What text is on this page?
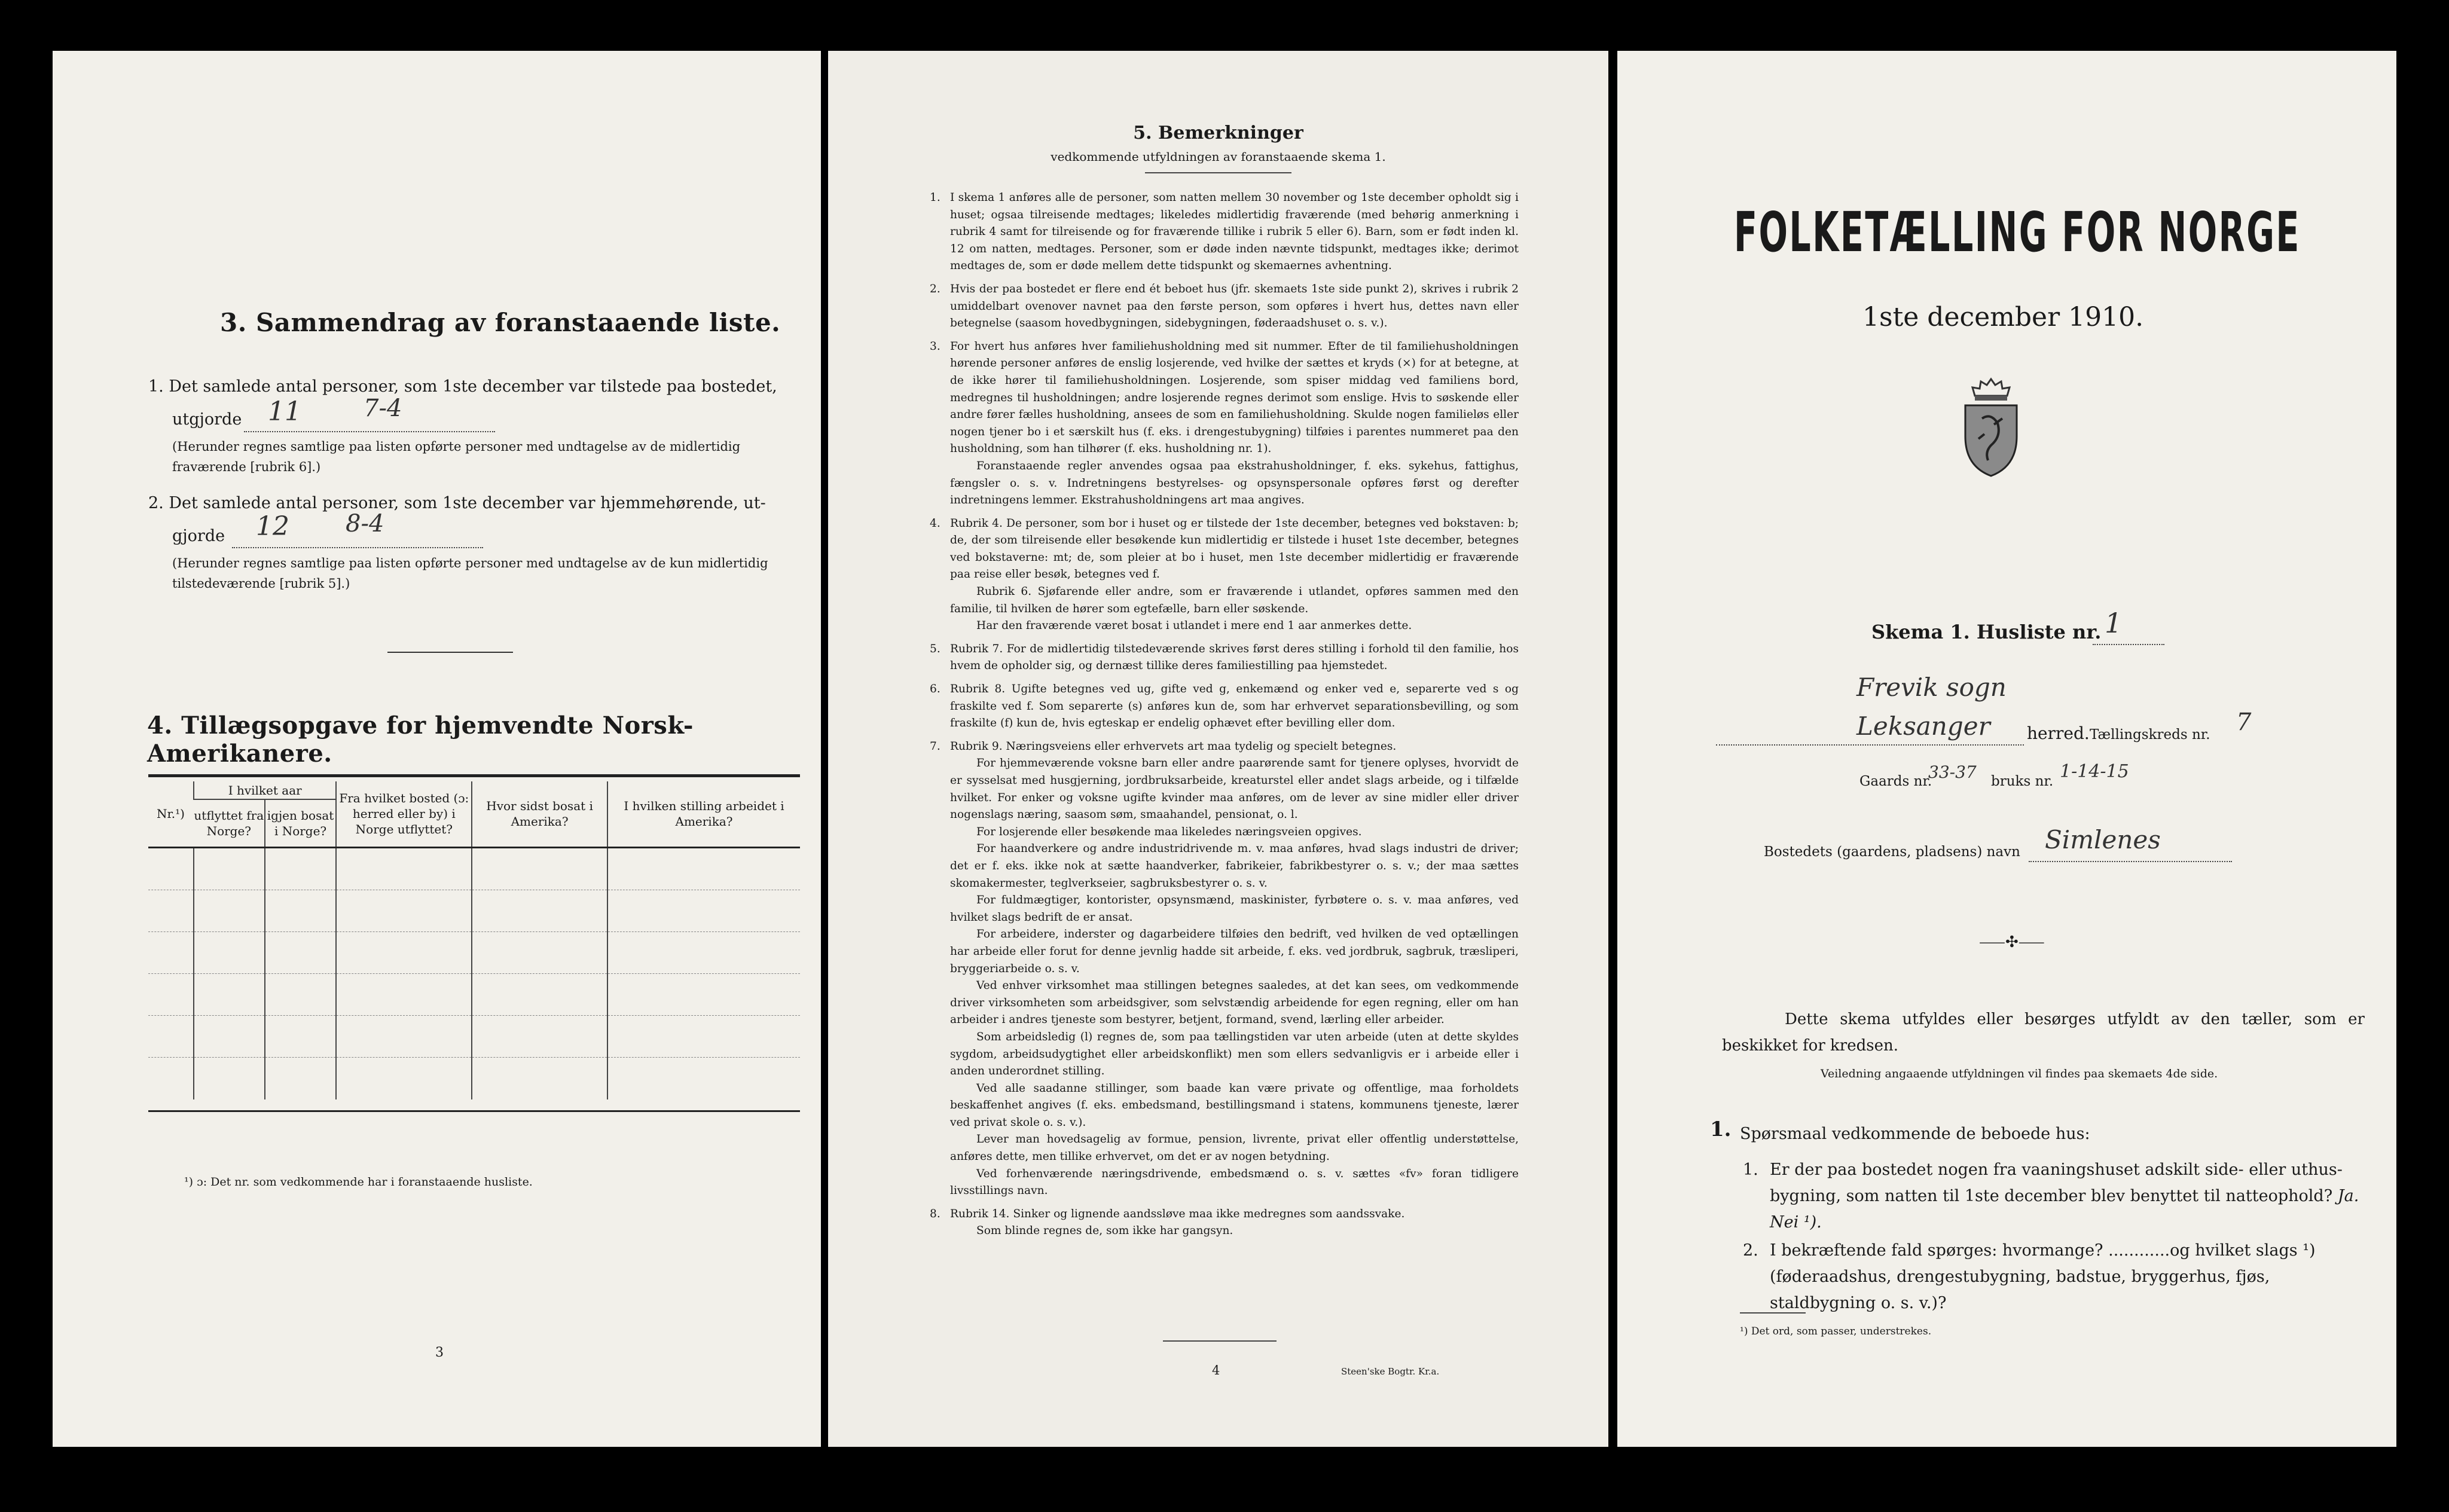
3. Sammendrag av foranstaaende liste.
1. Det samlede antal personer, som 1ste december var tilstede paa bostedet,
utgjorde 11	7-4
(Herunder regnes samtlige paa listen opførte personer med undtagelse av de midlertidig fraværende [rubrik 6].)
2. Det samlede antal personer, som 1ste december var hjemmehørende, ut-
gjorde 12 8-4
(Herunder regnes samtlige paa listen opførte personer med undtagelse av de kun midlertidig tilstedeværende [rubrik 5].)
4. Tillægsopgave for hjemvendte Norsk-Amerikanere.
Nr.¹)	I hvilket aar		Fra hvilket bosted (ɔ: herred eller by) i Norge utflyttet?	Hvor sidst bosat i Amerika?	I hvilken stilling arbeidet i Amerika?
	utflyttet fra Norge?	igjen bosat i Norge?			

¹) ɔ: Det nr. som vedkommende har i foranstaaende husliste.
3
5. Bemerkninger
vedkommende utfyldningen av foranstaaende skema 1.
1. I skema 1 anføres alle de personer, som natten mellem 30 november og 1ste december opholdt sig i huset; ogsaa tilreisende medtages; likeledes midlertidig fraværende (med behørig anmerkning i rubrik 4 samt for tilreisende og for fraværende tillike i rubrik 5 eller 6). Barn, som er født inden kl. 12 om natten, medtages. Personer, som er døde inden nævnte tidspunkt, medtages ikke; derimot medtages de, som er døde mellem dette tidspunkt og skemaernes avhentning.

2. Hvis der paa bostedet er flere end ét beboet hus (jfr. skemaets 1ste side punkt 2), skrives i rubrik 2 umiddelbart ovenover navnet paa den første person, som opføres i hvert hus, dettes navn eller betegnelse (saasom hovedbygningen, sidebygningen, føderaadshuset o. s. v.).

3. For hvert hus anføres hver familiehusholdning med sit nummer. Efter de til familiehusholdningen hørende personer anføres de enslig losjerende, ved hvilke der sættes et kryds (×) for at betegne, at de ikke hører til familiehusholdningen. Losjerende, som spiser middag ved familiens bord, medregnes til husholdningen; andre losjerende regnes derimot som enslige. Hvis to søskende eller andre fører fælles husholdning, ansees de som en familiehusholdning. Skulde nogen familieløs eller nogen tjener bo i et særskilt hus (f. eks. i drengestubygning) tilføies i parentes nummeret paa den husholdning, som han tilhører (f. eks. husholdning nr. 1).

Foranstaaende regler anvendes ogsaa paa ekstrahusholdninger, f. eks. sykehus, fattighus, fængsler o. s. v. Indretningens bestyrelses- og opsynspersonale opføres først og derefter indretningens lemmer. Ekstrahusholdningens art maa angives.

4. Rubrik 4. De personer, som bor i huset og er tilstede der 1ste december, betegnes ved bokstaven: b; de, der som tilreisende eller besøkende kun midlertidig er tilstede i huset 1ste december, betegnes ved bokstaverne: mt; de, som pleier at bo i huset, men 1ste december midlertidig er fraværende paa reise eller besøk, betegnes ved f.

Rubrik 6. Sjøfarende eller andre, som er fraværende i utlandet, opføres sammen med den familie, til hvilken de hører som egtefælle, barn eller søskende.

Har den fraværende været bosat i utlandet i mere end 1 aar anmerkes dette.

5. Rubrik 7. For de midlertidig tilstedeværende skrives først deres stilling i forhold til den familie, hos hvem de opholder sig, og dernæst tillike deres familiestilling paa hjemstedet.

6. Rubrik 8. Ugifte betegnes ved ug, gifte ved g, enkemænd og enker ved e, separerte ved s og fraskilte ved f. Som separerte (s) anføres kun de, som har erhvervet separationsbevilling, og som fraskilte (f) kun de, hvis egteskap er endelig ophævet efter bevilling eller dom.

7. Rubrik 9. Næringsveiens eller erhvervets art maa tydelig og specielt betegnes.

For hjemmeværende voksne barn eller andre paarørende samt for tjenere oplyses, hvorvidt de er sysselsat med husgjerning, jordbruksarbeide, kreaturstel eller andet slags arbeide, og i tilfælde hvilket. For enker og voksne ugifte kvinder maa anføres, om de lever av sine midler eller driver nogenslags næring, saasom søm, smaahandel, pensionat, o. l.

For losjerende eller besøkende maa likeledes næringsveien opgives.

For haandverkere og andre industridrivende m. v. maa anføres, hvad slags industri de driver; det er f. eks. ikke nok at sætte haandverker, fabrikeier, fabrikbestyrer o. s. v.; der maa sættes skomakermester, teglverkseier, sagbruksbestyrer o. s. v.

For fuldmægtiger, kontorister, opsynsmænd, maskinister, fyrbøtere o. s. v. maa anføres, ved hvilket slags bedrift de er ansat.

For arbeidere, inderster og dagarbeidere tilføies den bedrift, ved hvilken de ved optællingen har arbeide eller forut for denne jevnlig hadde sit arbeide, f. eks. ved jordbruk, sagbruk, træsliperi, bryggeriarbeide o. s. v.

Ved enhver virksomhet maa stillingen betegnes saaledes, at det kan sees, om vedkommende driver virksomheten som arbeidsgiver, som selvstændig arbeidende for egen regning, eller om han arbeider i andres tjeneste som bestyrer, betjent, formand, svend, lærling eller arbeider.

Som arbeidsledig (l) regnes de, som paa tællingstiden var uten arbeide (uten at dette skyldes sygdom, arbeidsudygtighet eller arbeidskonflikt) men som ellers sedvanligvis er i arbeide eller i anden underordnet stilling.

Ved alle saadanne stillinger, som baade kan være private og offentlige, maa forholdets beskaffenhet angives (f. eks. embedsmand, bestillingsmand i statens, kommunens tjeneste, lærer ved privat skole o. s. v.).

Lever man hovedsagelig av formue, pension, livrente, privat eller offentlig understøttelse, anføres dette, men tillike erhvervet, om det er av nogen betydning.

Ved forhenværende næringsdrivende, embedsmænd o. s. v. sættes «fv» foran tidligere livsstillings navn.

8. Rubrik 14. Sinker og lignende aandssløve maa ikke medregnes som aandssvake.

Som blinde regnes de, som ikke har gangsyn.

4	Steen'ske Bogtr. Kr.a.
FOLKETÆLLING FOR NORGE
1ste december 1910.
Skema 1. Husliste nr. 1
Frevik sogn
Leksanger herred. Tællingskreds nr. 7
Gaards nr.
33-37 bruks nr. 1-14-15
Bostedets (gaardens, pladsens) navn Simlenes
⸺✣⸺
Dette skema utfyldes eller besørges utfyldt av den tæller, som er beskikket for kredsen.
Veiledning angaaende utfyldningen vil findes paa skemaets 4de side.
1. Spørsmaal vedkommende de beboede hus:
1. Er der paa bostedet nogen fra vaaningshuset adskilt side- eller uthus-bygning, som natten til 1ste december blev benyttet til natteophold? Ja. Nei ¹).
2. I bekræftende fald spørges: hvormange? ............og hvilket slags ¹) (føderaadshus, drengestubygning, badstue, bryggerhus, fjøs, staldbygning o. s. v.)?
¹) Det ord, som passer, understrekes.
